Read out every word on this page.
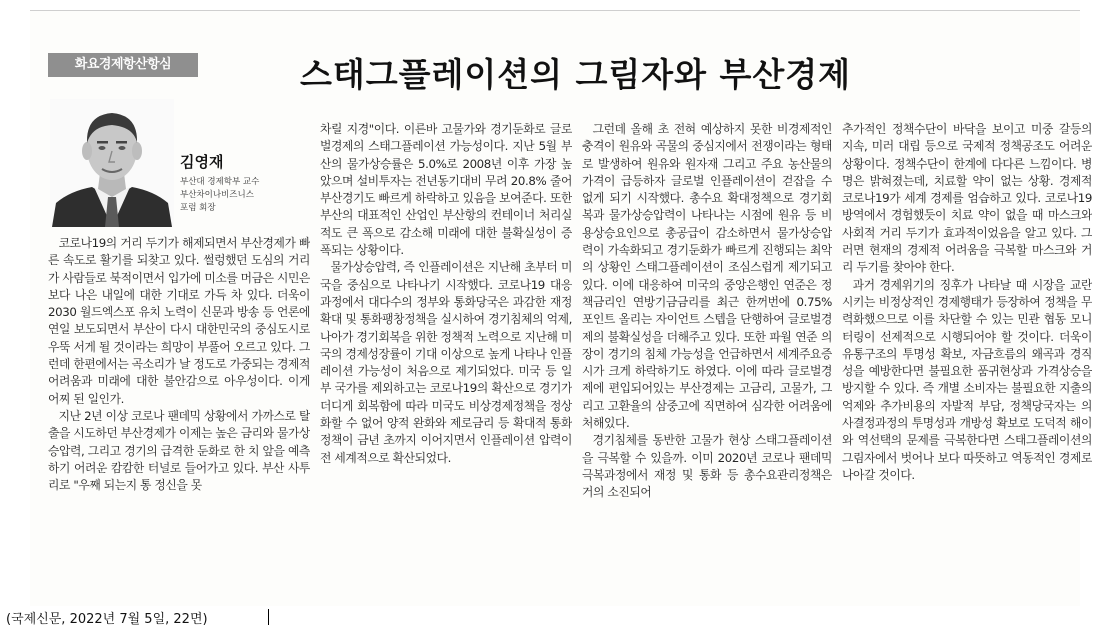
화요경제항산항심	스태그플레이션의 그림자와 부산경제
김영재
부산대 경제학부 교수
부산차이나비즈니스
포럼 회장

코로나19의 거리 두기가 해제되면서 부산경제가 빠른 속도로 활기를 되찾고 있다. 썰렁했던 도심의 거리가 사람들로 북적이면서 입가에 미소를 머금은 시민은 보다 나은 내일에 대한 기대로 가득 차 있다. 더욱이 2030 월드엑스포 유치 노력이 신문과 방송 등 언론에 연일 보도되면서 부산이 다시 대한민국의 중심도시로 우뚝 서게 될 것이라는 희망이 부풀어 오르고 있다. 그런데 한편에서는 곡소리가 날 정도로 가중되는 경제적 어려움과 미래에 대한 불안감으로 아우성이다. 이게 어찌 된 일인가.

지난 2년 이상 코로나 팬데믹 상황에서 가까스로 탈출을 시도하던 부산경제가 이제는 높은 금리와 물가상승압력, 그리고 경기의 급격한 둔화로 한 치 앞을 예측하기 어려운 캄캄한 터널로 들어가고 있다. 부산 사투리로 "우째 되는지 통 정신을 못

차릴 지경"이다. 이른바 고물가와 경기둔화로 글로벌경제의 스태그플레이션 가능성이다. 지난 5월 부산의 물가상승률은 5.0%로 2008년 이후 가장 높았으며 설비투자는 전년동기대비 무려 20.8% 줄어 부산경기도 빠르게 하락하고 있음을 보여준다. 또한 부산의 대표적인 산업인 부산항의 컨테이너 처리실적도 큰 폭으로 감소해 미래에 대한 불확실성이 증폭되는 상황이다.

물가상승압력, 즉 인플레이션은 지난해 초부터 미국을 중심으로 나타나기 시작했다. 코로나19 대응과정에서 대다수의 정부와 통화당국은 과감한 재정확대 및 통화팽창정책을 실시하여 경기침체의 억제, 나아가 경기회복을 위한 정책적 노력으로 지난해 미국의 경제성장률이 기대 이상으로 높게 나타나 인플레이션 가능성이 처음으로 제기되었다. 미국 등 일부 국가를 제외하고는 코로나19의 확산으로 경기가 더디게 회복함에 따라 미국도 비상경제정책을 정상화할 수 없어 양적 완화와 제로금리 등 확대적 통화정책이 금년 초까지 이어지면서 인플레이션 압력이 전 세계적으로 확산되었다.

그런데 올해 초 전혀 예상하지 못한 비경제적인 충격이 원유와 곡물의 중심지에서 전쟁이라는 형태로 발생하여 원유와 원자재 그리고 주요 농산물의 가격이 급등하자 글로벌 인플레이션이 걷잡을 수 없게 되기 시작했다. 총수요 확대정책으로 경기회복과 물가상승압력이 나타나는 시점에 원유 등 비용상승요인으로 총공급이 감소하면서 물가상승압력이 가속화되고 경기둔화가 빠르게 진행되는 최악의 상황인 스태그플레이션이 조심스럽게 제기되고 있다. 이에 대응하여 미국의 중앙은행인 연준은 정책금리인 연방기금금리를 최근 한꺼번에 0.75% 포인트 올리는 자이언트 스텝을 단행하여 글로벌경제의 불확실성을 더해주고 있다. 또한 파월 연준 의장이 경기의 침체 가능성을 언급하면서 세계주요증시가 크게 하락하기도 하였다. 이에 따라 글로벌경제에 편입되어있는 부산경제는 고금리, 고물가, 그리고 고환율의 삼중고에 직면하여 심각한 어려움에 처해있다.

경기침체를 동반한 고물가 현상 스태그플레이션을 극복할 수 있을까. 이미 2020년 코로나 팬데믹 극복과정에서 재정 및 통화 등 총수요관리정책은 거의 소진되어

추가적인 정책수단이 바닥을 보이고 미중 갈등의 지속, 미러 대립 등으로 국제적 정책공조도 어려운 상황이다. 정책수단이 한계에 다다른 느낌이다. 병명은 밝혀졌는데, 치료할 약이 없는 상황. 경제적 코로나19가 세계 경제를 엄습하고 있다. 코로나19 방역에서 경험했듯이 치료 약이 없을 때 마스크와 사회적 거리 두기가 효과적이었음을 알고 있다. 그러면 현재의 경제적 어려움을 극복할 마스크와 거리 두기를 찾아야 한다.

과거 경제위기의 징후가 나타날 때 시장을 교란시키는 비정상적인 경제행태가 등장하여 정책을 무력화했으므로 이를 차단할 수 있는 민관 협동 모니터링이 선제적으로 시행되어야 할 것이다. 더욱이 유통구조의 투명성 확보, 자금흐름의 왜곡과 경직성을 예방한다면 불필요한 품귀현상과 가격상승을 방지할 수 있다. 즉 개별 소비자는 불필요한 지출의 억제와 추가비용의 자발적 부담, 정책당국자는 의사결정과정의 투명성과 개방성 확보로 도덕적 해이와 역선택의 문제를 극복한다면 스태그플레이션의 그림자에서 벗어나 보다 따뜻하고 역동적인 경제로 나아갈 것이다.

(국제신문, 2022년 7월 5일, 22면)
